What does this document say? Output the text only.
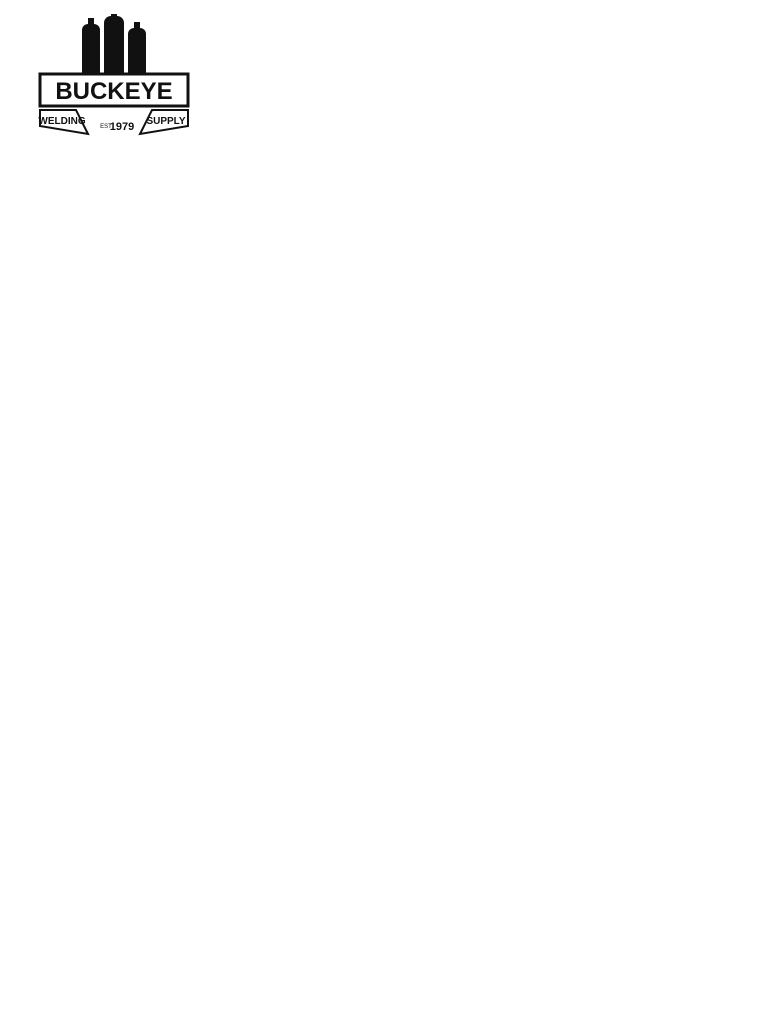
BUCKEYE
WELDING	SUPPLY
EST
1979
